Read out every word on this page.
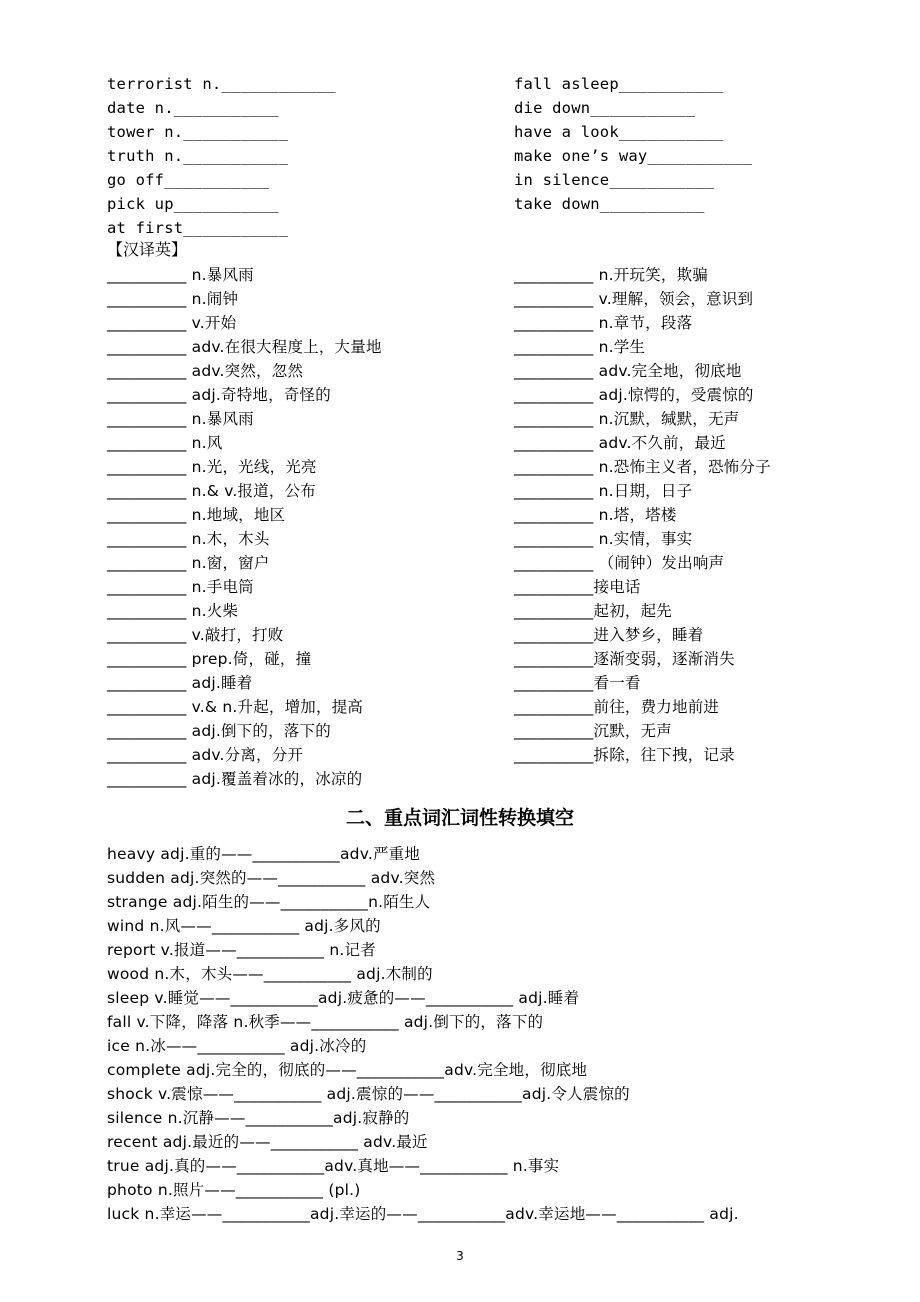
terrorist n.____________
date n.___________
tower n.___________
truth n.___________
go off___________
pick up___________
at first___________
fall asleep___________
die down___________
have a look___________
make one’s way___________
in silence___________
take down___________
【汉译英】
__________ n.暴风雨
__________ n.闹钟
__________ v.开始
__________ adv.在很大程度上，大量地
__________ adv.突然，忽然
__________ adj.奇特地，奇怪的
__________ n.暴风雨
__________ n.风
__________ n.光，光线，光亮
__________ n.& v.报道，公布
__________ n.地域，地区
__________ n.木，木头
__________ n.窗，窗户
__________ n.手电筒
__________ n.火柴
__________ v.敲打，打败
__________ prep.倚，碰，撞
__________ adj.睡着
__________ v.& n.升起，增加，提高
__________ adj.倒下的，落下的
__________ adv.分离，分开
__________ adj.覆盖着冰的，冰凉的
__________ n.开玩笑，欺骗
__________ v.理解，领会，意识到
__________ n.章节，段落
__________ n.学生
__________ adv.完全地，彻底地
__________ adj.惊愕的，受震惊的
__________ n.沉默，缄默，无声
__________ adv.不久前，最近
__________ n.恐怖主义者，恐怖分子
__________ n.日期，日子
__________ n.塔，塔楼
__________ n.实情，事实
__________ （闹钟）发出响声
__________接电话
__________起初，起先
__________进入梦乡，睡着
__________逐渐变弱，逐渐消失
__________看一看
__________前往，费力地前进
__________沉默，无声
__________拆除，往下拽，记录
二、重点词汇词性转换填空
heavy adj.重的——___________adv.严重地
sudden adj.突然的——___________ adv.突然
strange adj.陌生的——___________n.陌生人
wind n.风——___________ adj.多风的
report v.报道——___________ n.记者
wood n.木，木头——___________ adj.木制的
sleep v.睡觉——___________adj.疲惫的——___________ adj.睡着
fall v.下降，降落 n.秋季——___________ adj.倒下的，落下的
ice n.冰——___________ adj.冰冷的
complete adj.完全的，彻底的——___________adv.完全地，彻底地
shock v.震惊——___________ adj.震惊的——___________adj.令人震惊的
silence n.沉静——___________adj.寂静的
recent adj.最近的——___________ adv.最近
true adj.真的——___________adv.真地——___________ n.事实
photo n.照片——___________ (pl.)
luck n.幸运——___________adj.幸运的——___________adv.幸运地——___________ adj.
3
